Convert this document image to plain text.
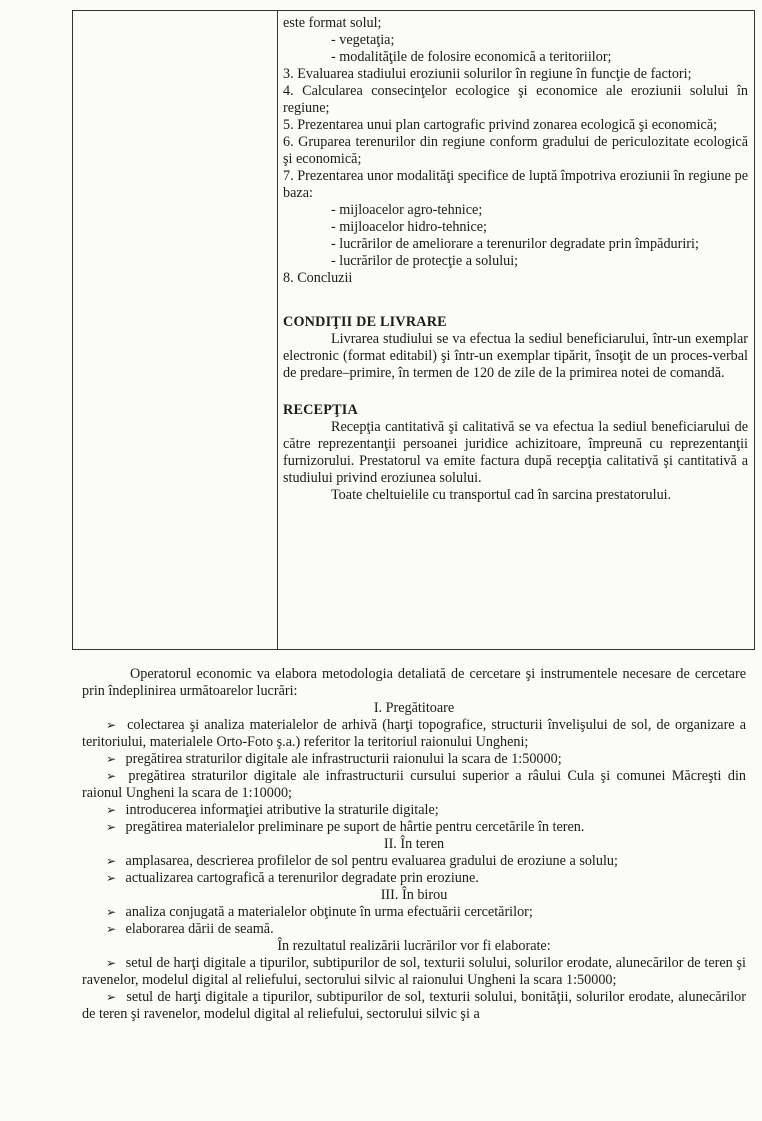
este format solul;

- vegetaţia;

- modalităţile de folosire economică a teritoriilor;

3. Evaluarea stadiului eroziunii solurilor în regiune în funcţie de factori;

4. Calcularea consecinţelor ecologice şi economice ale eroziunii solului în regiune;

5. Prezentarea unui plan cartografic privind zonarea ecologică şi economică;

6. Gruparea terenurilor din regiune conform gradului de periculozitate ecologică şi economică;

7. Prezentarea unor modalităţi specifice de luptă împotriva eroziunii în regiune pe baza:

- mijloacelor agro-tehnice;

- mijloacelor hidro-tehnice;

- lucrărilor de ameliorare a terenurilor degradate prin împăduriri;

- lucrărilor de protecţie a solului;

8. Concluzii

CONDIŢII DE LIVRARE

Livrarea studiului se va efectua la sediul beneficiarului, într-un exemplar electronic (format editabil) şi într-un exemplar tipărit, însoţit de un proces-verbal de predare–primire, în termen de 120 de zile de la primirea notei de comandă.

RECEPŢIA

Recepţia cantitativă şi calitativă se va efectua la sediul beneficiarului de către reprezentanţii persoanei juridice achizitoare, împreună cu reprezentanţii furnizorului. Prestatorul va emite factura după recepţia calitativă şi cantitativă a studiului privind eroziunea solului.

Toate cheltuielile cu transportul cad în sarcina prestatorului.

Operatorul economic va elabora metodologia detaliată de cercetare şi instrumentele necesare de cercetare prin îndeplinirea următoarelor lucrări:

I. Pregătitoare

➢ colectarea şi analiza materialelor de arhivă (harţi topografice, structurii învelişului de sol, de organizare a teritoriului, materialele Orto-Foto ş.a.) referitor la teritoriul raionului Ungheni;

➢ pregătirea straturilor digitale ale infrastructurii raionului la scara de 1:50000;

➢ pregătirea straturilor digitale ale infrastructurii cursului superior a râului Cula şi comunei Măcreşti din raionul Ungheni la scara de 1:10000;

➢ introducerea informaţiei atributive la straturile digitale;

➢ pregătirea materialelor preliminare pe suport de hârtie pentru cercetările în teren.

II. În teren

➢ amplasarea, descrierea profilelor de sol pentru evaluarea gradului de eroziune a solulu;

➢ actualizarea cartografică a terenurilor degradate prin eroziune.

III. În birou

➢ analiza conjugată a materialelor obţinute în urma efectuării cercetărilor;

➢ elaborarea dării de seamă.

În rezultatul realizării lucrărilor vor fi elaborate:

➢ setul de harţi digitale a tipurilor, subtipurilor de sol, texturii solului, solurilor erodate, alunecărilor de teren şi ravenelor, modelul digital al reliefului, sectorului silvic al raionului Ungheni la scara 1:50000;

➢ setul de harţi digitale a tipurilor, subtipurilor de sol, texturii solului, bonităţii, solurilor erodate, alunecărilor de teren şi ravenelor, modelul digital al reliefului, sectorului silvic şi a
